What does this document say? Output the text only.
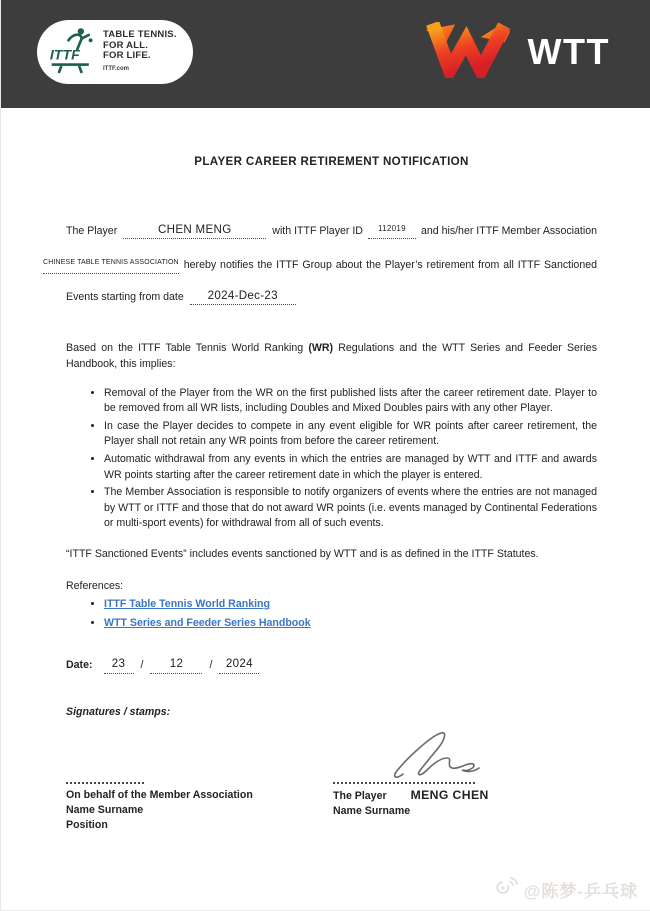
ITTF
TABLE TENNIS.
FOR ALL.
FOR LIFE.
ITTF.com	WTT
PLAYER CAREER RETIREMENT NOTIFICATION
The Player	CHEN MENG	with ITTF Player ID	112019	and his/her ITTF Member Association
CHINESE TABLE TENNIS ASSOCIATION hereby notifies the ITTF Group about the Player’s retirement from all ITTF Sanctioned
Events starting from date	2024-Dec-23

Based on the ITTF Table Tennis World Ranking (WR) Regulations and the WTT Series and Feeder Series Handbook, this implies:

• Removal of the Player from the WR on the first published lists after the career retirement date. Player to be removed from all WR lists, including Doubles and Mixed Doubles pairs with any other Player.
• In case the Player decides to compete in any event eligible for WR points after career retirement, the Player shall not retain any WR points from before the career retirement.
• Automatic withdrawal from any events in which the entries are managed by WTT and ITTF and awards WR points starting after the career retirement date in which the player is entered.
• The Member Association is responsible to notify organizers of events where the entries are not managed by WTT or ITTF and those that do not award WR points (i.e. events managed by Continental Federations or multi-sport events) for withdrawal from all of such events.

“ITTF Sanctioned Events” includes events sanctioned by WTT and is as defined in the ITTF Statutes.

References:
• ITTF Table Tennis World Ranking
• WTT Series and Feeder Series Handbook
Date:	23	/	12	/	2024
Signatures / stamps:
On behalf of the Member Association
Name Surname
Position
The Player MENG CHEN
Name Surname
@陈梦-乒乓球
